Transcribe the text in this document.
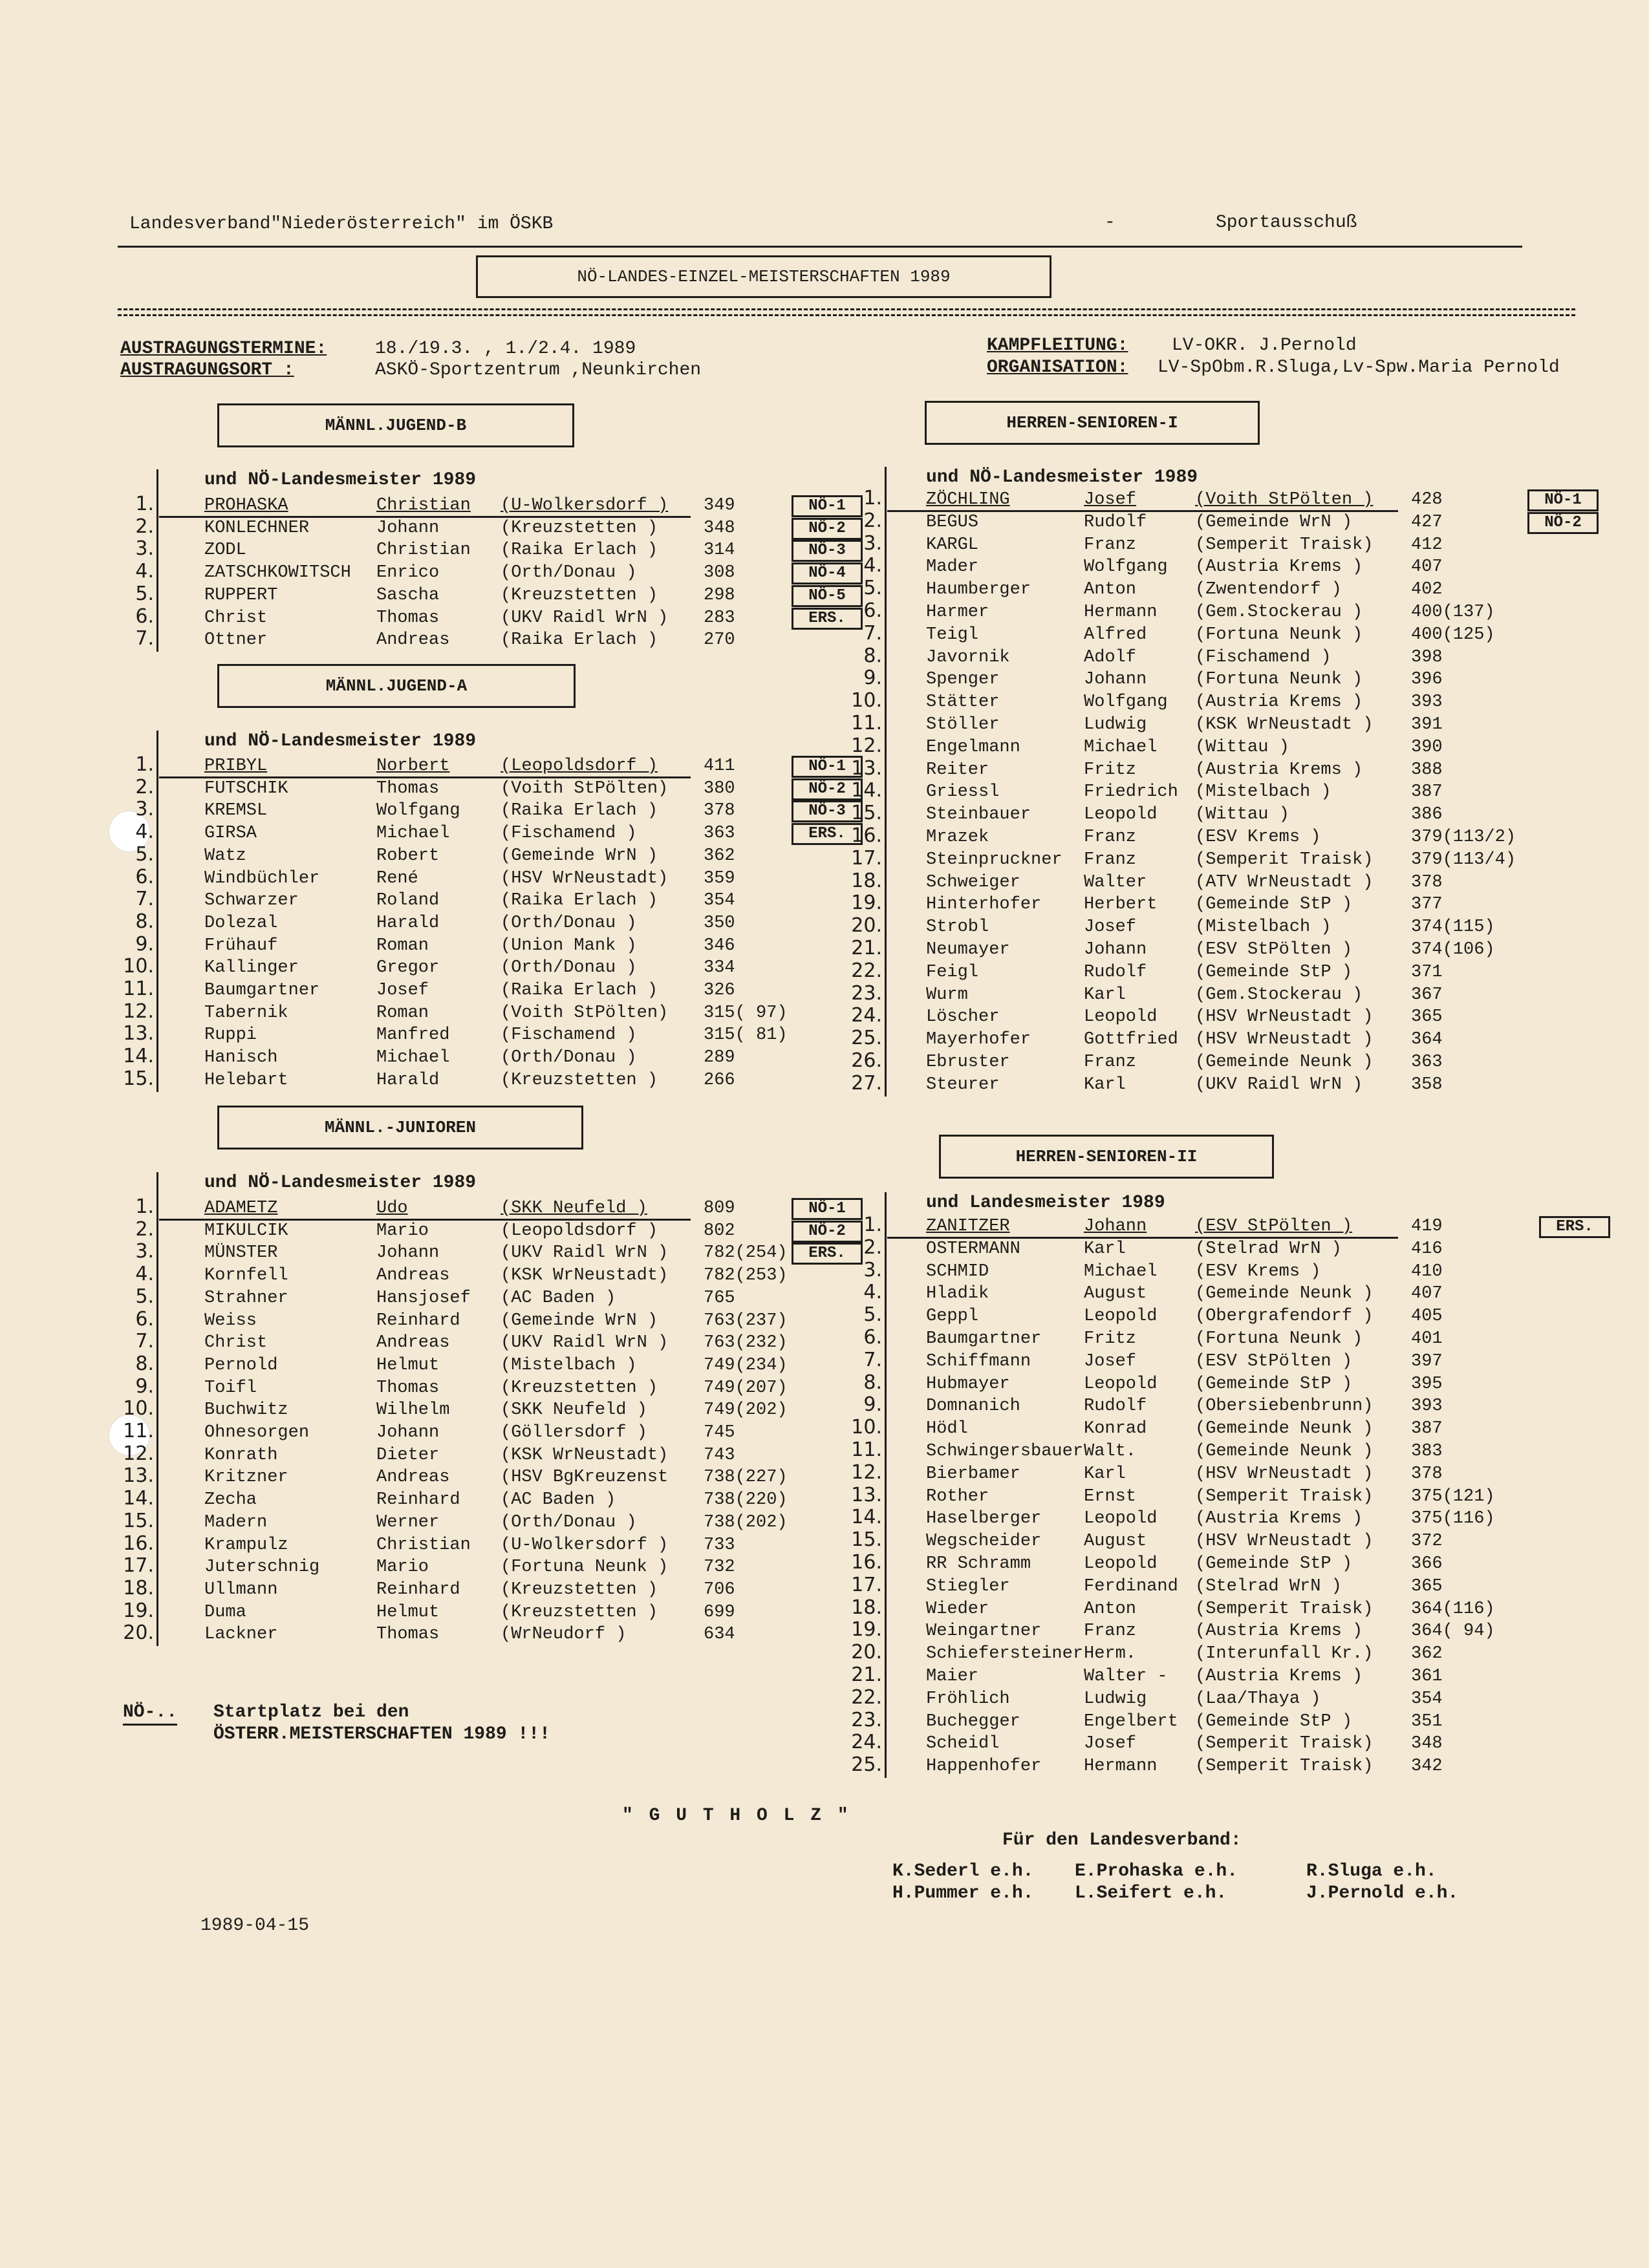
Landesverband"Niederösterreich" im ÖSKB	-	Sportausschuß
NÖ-LANDES-EINZEL-MEISTERSCHAFTEN 1989
AUSTRAGUNGSTERMINE:	18./19.3. , 1./2.4. 1989
AUSTRAGUNGSORT :	ASKÖ-Sportzentrum ,Neunkirchen
KAMPFLEITUNG: LV-OKR. J.Pernold
ORGANISATION: LV-SpObm.R.Sluga,Lv-Spw.Maria Pernold
MÄNNL.JUGEND-B
und NÖ-Landesmeister 1989
1.	PROHASKA	Christian (U-Wolkersdorf ) 349	NÖ-1
2.	KONLECHNER	Johann	(Kreuzstetten )	348	NÖ-2
3.	ZODL	Christian (Raika Erlach )	314	NÖ-3
4.	ZATSCHKOWITSCH Enrico	(Orth/Donau )	308	NÖ-4
5.	RUPPERT	Sascha	(Kreuzstetten )	298	NÖ-5
6.	Christ	Thomas	(UKV Raidl WrN ) 283	ERS.
7.	Ottner	Andreas	(Raika Erlach )	270
MÄNNL.JUGEND-A
und NÖ-Landesmeister 1989
1.	PRIBYL	Norbert	(Leopoldsdorf )	411	NÖ-1
2.	FUTSCHIK	Thomas	(Voith StPölten) 380	NÖ-2
3.	KREMSL	Wolfgang (Raika Erlach )	378	NÖ-3
4.	GIRSA	Michael	(Fischamend )	363	ERS.
5.	Watz	Robert	(Gemeinde WrN )	362
6.	Windbüchler	René	(HSV WrNeustadt) 359
7.	Schwarzer	Roland	(Raika Erlach )	354
8.	Dolezal	Harald	(Orth/Donau )	350
9.	Frühauf	Roman	(Union Mank )	346
10.	Kallinger	Gregor	(Orth/Donau )	334
11.	Baumgartner	Josef	(Raika Erlach )	326
12.	Tabernik	Roman	(Voith StPölten) 315( 97)
13.	Ruppi	Manfred	(Fischamend )	315( 81)
14.	Hanisch	Michael	(Orth/Donau )	289
15.	Helebart	Harald	(Kreuzstetten )	266
MÄNNL.-JUNIOREN
und NÖ-Landesmeister 1989
1.	ADAMETZ	Udo	(SKK Neufeld )	809	NÖ-1
2.	MIKULCIK	Mario	(Leopoldsdorf )	802	NÖ-2
3.	MÜNSTER	Johann	(UKV Raidl WrN ) 782(254)	ERS.
4.	Kornfell	Andreas	(KSK WrNeustadt) 782(253)
5.	Strahner	Hansjosef (AC Baden )	765
6.	Weiss	Reinhard (Gemeinde WrN )	763(237)
7.	Christ	Andreas	(UKV Raidl WrN ) 763(232)
8.	Pernold	Helmut	(Mistelbach )	749(234)
9.	Toifl	Thomas	(Kreuzstetten )	749(207)
10.	Buchwitz	Wilhelm	(SKK Neufeld )	749(202)
11.	Ohnesorgen	Johann	(Göllersdorf )	745
12.	Konrath	Dieter	(KSK WrNeustadt) 743
13.	Kritzner	Andreas	(HSV BgKreuzenst 738(227)
14.	Zecha	Reinhard (AC Baden )	738(220)
15.	Madern	Werner	(Orth/Donau )	738(202)
16.	Krampulz	Christian (U-Wolkersdorf ) 733
17.	Juterschnig	Mario	(Fortuna Neunk ) 732
18.	Ullmann	Reinhard (Kreuzstetten )	706
19.	Duma	Helmut	(Kreuzstetten )	699
20.	Lackner	Thomas	(WrNeudorf )	634
HERREN-SENIOREN-I
und NÖ-Landesmeister 1989
1.	ZÖCHLING	Josef	(Voith StPölten ) 428	NÖ-1
2.	BEGUS	Rudolf	(Gemeinde WrN )	427	NÖ-2
3.	KARGL	Franz	(Semperit Traisk) 412
4.	Mader	Wolfgang (Austria Krems )	407
5.	Haumberger	Anton	(Zwentendorf )	402
6.	Harmer	Hermann (Gem.Stockerau )	400(137)
7.	Teigl	Alfred	(Fortuna Neunk )	400(125)
8.	Javornik	Adolf	(Fischamend )	398
9.	Spenger	Johann	(Fortuna Neunk )	396
10.	Stätter	Wolfgang (Austria Krems )	393
11.	Stöller	Ludwig	(KSK WrNeustadt ) 391
12.	Engelmann	Michael (Wittau )	390
13.	Reiter	Fritz	(Austria Krems )	388
14.	Griessl	Friedrich (Mistelbach )	387
15.	Steinbauer	Leopold (Wittau )	386
16.	Mrazek	Franz	(ESV Krems )	379(113/2)
17.	Steinpruckner Franz	(Semperit Traisk) 379(113/4)
18.	Schweiger	Walter	(ATV WrNeustadt ) 378
19.	Hinterhofer Herbert (Gemeinde StP )	377
20.	Strobl	Josef	(Mistelbach )	374(115)
21.	Neumayer	Johann	(ESV StPölten )	374(106)
22.	Feigl	Rudolf	(Gemeinde StP )	371
23.	Wurm	Karl	(Gem.Stockerau )	367
24.	Löscher	Leopold (HSV WrNeustadt ) 365
25.	Mayerhofer	Gottfried (HSV WrNeustadt ) 364
26.	Ebruster	Franz	(Gemeinde Neunk ) 363
27.	Steurer	Karl	(UKV Raidl WrN )	358
HERREN-SENIOREN-II
und Landesmeister 1989
1.	ZANITZER	Johann	(ESV StPölten )	419	ERS.
2.	OSTERMANN	Karl	(Stelrad WrN )	416
3.	SCHMID	Michael (ESV Krems )	410
4.	Hladik	August	(Gemeinde Neunk ) 407
5.	Geppl	Leopold (Obergrafendorf ) 405
6.	Baumgartner Fritz	(Fortuna Neunk )	401
7.	Schiffmann	Josef	(ESV StPölten )	397
8.	Hubmayer	Leopold (Gemeinde StP )	395
9.	Domnanich	Rudolf	(Obersiebenbrunn) 393
10.	Hödl	Konrad	(Gemeinde Neunk ) 387
11.	Schwingersbauer Walt.	(Gemeinde Neunk ) 383
12.	Bierbamer	Karl	(HSV WrNeustadt ) 378
13.	Rother	Ernst	(Semperit Traisk) 375(121)
14.	Haselberger Leopold (Austria Krems )	375(116)
15.	Wegscheider August	(HSV WrNeustadt ) 372
16.	RR Schramm	Leopold (Gemeinde StP )	366
17.	Stiegler	Ferdinand (Stelrad WrN )	365
18.	Wieder	Anton	(Semperit Traisk) 364(116)
19.	Weingartner Franz	(Austria Krems )	364( 94)
20.	Schiefersteiner Herm.	(Interunfall Kr.) 362
21.	Maier	Walter - (Austria Krems )	361
22.	Fröhlich	Ludwig	(Laa/Thaya )	354
23.	Buchegger	Engelbert (Gemeinde StP )	351
24.	Scheidl	Josef	(Semperit Traisk) 348
25.	Happenhofer Hermann (Semperit Traisk) 342
NÖ-.. Startplatz bei den
ÖSTERR.MEISTERSCHAFTEN 1989 !!!
" G U T H O L Z "
Für den Landesverband:
K.Sederl e.h. E.Prohaska e.h.	R.Sluga e.h.
H.Pummer e.h. L.Seifert e.h.	J.Pernold e.h.
1989-04-15
